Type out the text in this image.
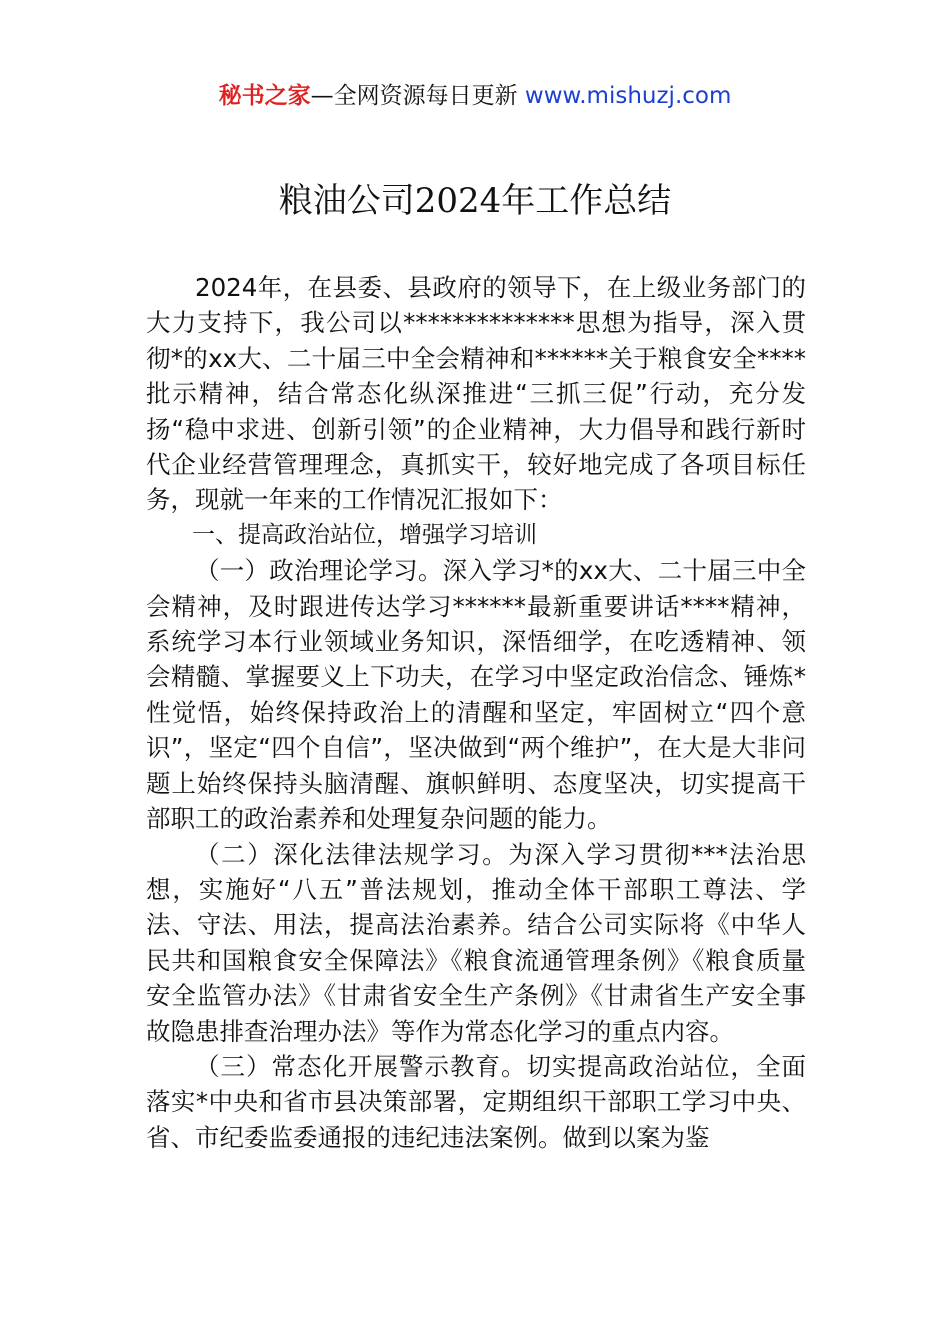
秘书之家—全网资源每日更新 www.mishuzj.com
粮油公司2024年工作总结

2024年，在县委、县政府的领导下，在上级业务部门的大力支持下，我公司以**************思想为指导，深入贯彻*的xx大、二十届三中全会精神和******关于粮食安全****批示精神，结合常态化纵深推进“三抓三促”行动，充分发扬“稳中求进、创新引领”的企业精神，大力倡导和践行新时代企业经营管理理念，真抓实干，较好地完成了各项目标任务，现就一年来的工作情况汇报如下：

一、提高政治站位，增强学习培训

（一）政治理论学习。深入学习*的xx大、二十届三中全会精神，及时跟进传达学习******最新重要讲话****精神，系统学习本行业领域业务知识，深悟细学，在吃透精神、领会精髓、掌握要义上下功夫，在学习中坚定政治信念、锤炼*性觉悟，始终保持政治上的清醒和坚定，牢固树立“四个意识”，坚定“四个自信”，坚决做到“两个维护”，在大是大非问题上始终保持头脑清醒、旗帜鲜明、态度坚决，切实提高干部职工的政治素养和处理复杂问题的能力。

（二）深化法律法规学习。为深入学习贯彻***法治思想，实施好“八五”普法规划，推动全体干部职工尊法、学法、守法、用法，提高法治素养。结合公司实际将《中华人民共和国粮食安全保障法》《粮食流通管理条例》《粮食质量安全监管办法》《甘肃省安全生产条例》《甘肃省生产安全事故隐患排查治理办法》等作为常态化学习的重点内容。

（三）常态化开展警示教育。切实提高政治站位，全面落实*中央和省市县决策部署，定期组织干部职工学习中央、省、市纪委监委通报的违纪违法案例。做到以案为鉴
